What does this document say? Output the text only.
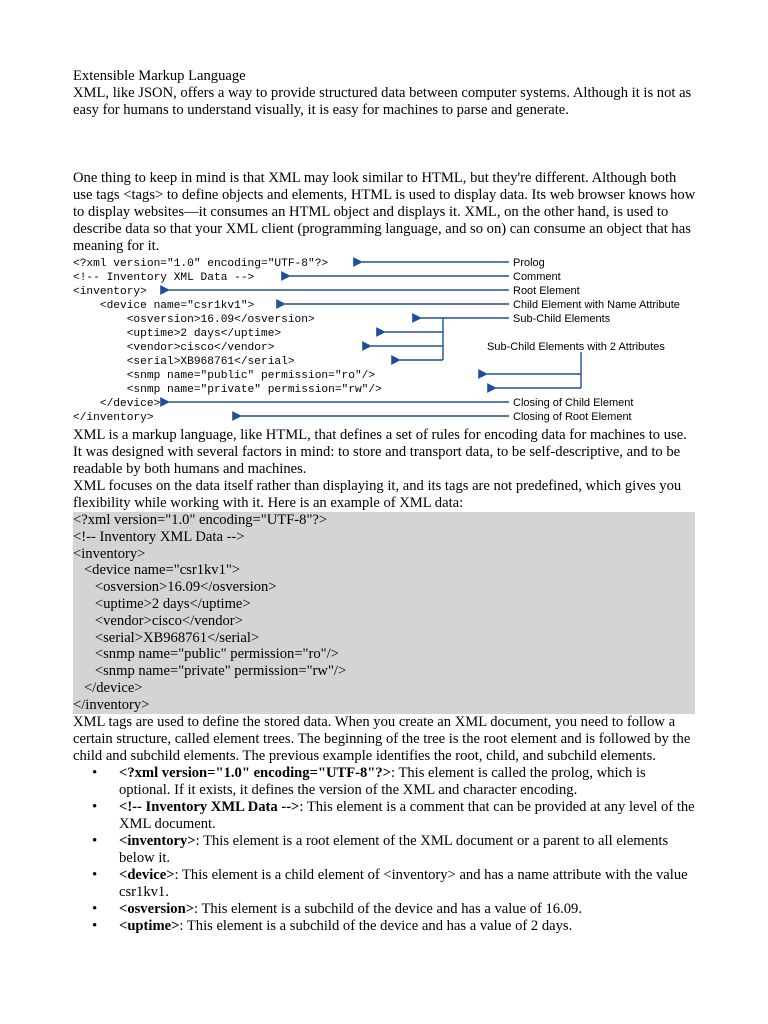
Extensible Markup Language

XML, like JSON, offers a way to provide structured data between computer systems. Although it is not as easy for humans to understand visually, it is easy for machines to parse and generate.

One thing to keep in mind is that XML may look similar to HTML, but they're different. Although both use tags <tags> to define objects and elements, HTML is used to display data. Its web browser knows how to display websites—it consumes an HTML object and displays it. XML, on the other hand, is used to describe data so that your XML client (programming language, and so on) can consume an object that has meaning for it.

<?xml version="1.0" encoding="UTF-8"?>
<!-- Inventory XML Data -->
<inventory>
<device name="csr1kv1">
<osversion>16.09</osversion>
<uptime>2 days</uptime>
<vendor>cisco</vendor>
<serial>XB968761</serial>
<snmp name="public" permission="ro"/>
<snmp name="private" permission="rw"/>
</device>
</inventory>
Prolog
Comment
Root Element
Child Element with Name Attribute
Sub-Child Elements
Sub-Child Elements with 2 Attributes
Closing of Child Element
Closing of Root Element

XML is a markup language, like HTML, that defines a set of rules for encoding data for machines to use. It was designed with several factors in mind: to store and transport data, to be self-descriptive, and to be readable by both humans and machines.

XML focuses on the data itself rather than displaying it, and its tags are not predefined, which gives you flexibility while working with it. Here is an example of XML data:

<?xml version="1.0" encoding="UTF-8"?>
<!-- Inventory XML Data -->
<inventory>
<device name="csr1kv1">
<osversion>16.09</osversion>
<uptime>2 days</uptime>
<vendor>cisco</vendor>
<serial>XB968761</serial>
<snmp name="public" permission="ro"/>
<snmp name="private" permission="rw"/>
</device>
</inventory>

XML tags are used to define the stored data. When you create an XML document, you need to follow a certain structure, called element trees. The beginning of the tree is the root element and is followed by the child and subchild elements. The previous example identifies the root, child, and subchild elements.

• <?xml version="1.0" encoding="UTF-8"?>: This element is called the prolog, which is optional. If it exists, it defines the version of the XML and character encoding.
• <!-- Inventory XML Data -->: This element is a comment that can be provided at any level of the XML document.
• <inventory>: This element is a root element of the XML document or a parent to all elements below it.
• <device>: This element is a child element of <inventory> and has a name attribute with the value csr1kv1.
• <osversion>: This element is a subchild of the device and has a value of 16.09.
• <uptime>: This element is a subchild of the device and has a value of 2 days.
